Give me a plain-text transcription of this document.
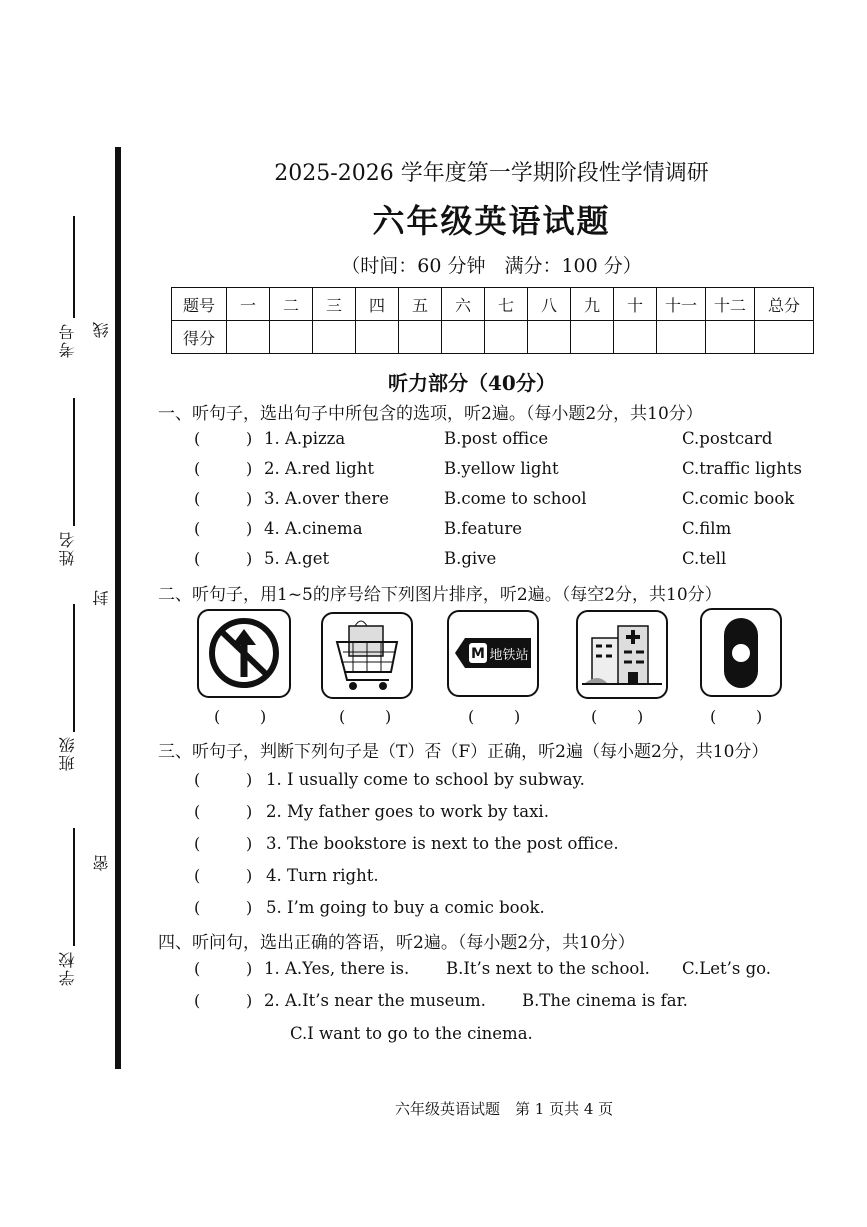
考号 线
姓名
封
班级
密
学校
2025-2026 学年度第一学期阶段性学情调研
六年级英语试题
（时间：60 分钟　满分：100 分）
题号	一	二	三	四	五	六	七	八	九	十	十一	十二	总分
得分													
听力部分（40分）
一、听句子，选出句子中所包含的选项，听2遍。（每小题2分，共10分）
(	) 1. A.pizza	B.post office	C.postcard
(	) 2. A.red light	B.yellow light	C.traffic lights
(	) 3. A.over there	B.come to school	C.comic book
(	) 4. A.cinema	B.feature	C.film
(	) 5. A.get	B.give	C.tell
二、听句子，用1~5的序号给下列图片排序，听2遍。（每空2分，共10分）
M 地铁站
( )	( )	( )	( )	( )
三、听句子，判断下列句子是（T）否（F）正确，听2遍（每小题2分，共10分）
(	) 1. I usually come to school by subway.
(	) 2. My father goes to work by taxi.
(	) 3. The bookstore is next to the post office.
(	) 4. Turn right.
(	) 5. I’m going to buy a comic book.
四、听问句，选出正确的答语，听2遍。（每小题2分，共10分）
(	) 1. A.Yes, there is. B.It’s next to the school. C.Let’s go.
(	) 2. A.It’s near the museum. B.The cinema is far.
C.I want to go to the cinema.
六年级英语试题　第 1 页共 4 页
